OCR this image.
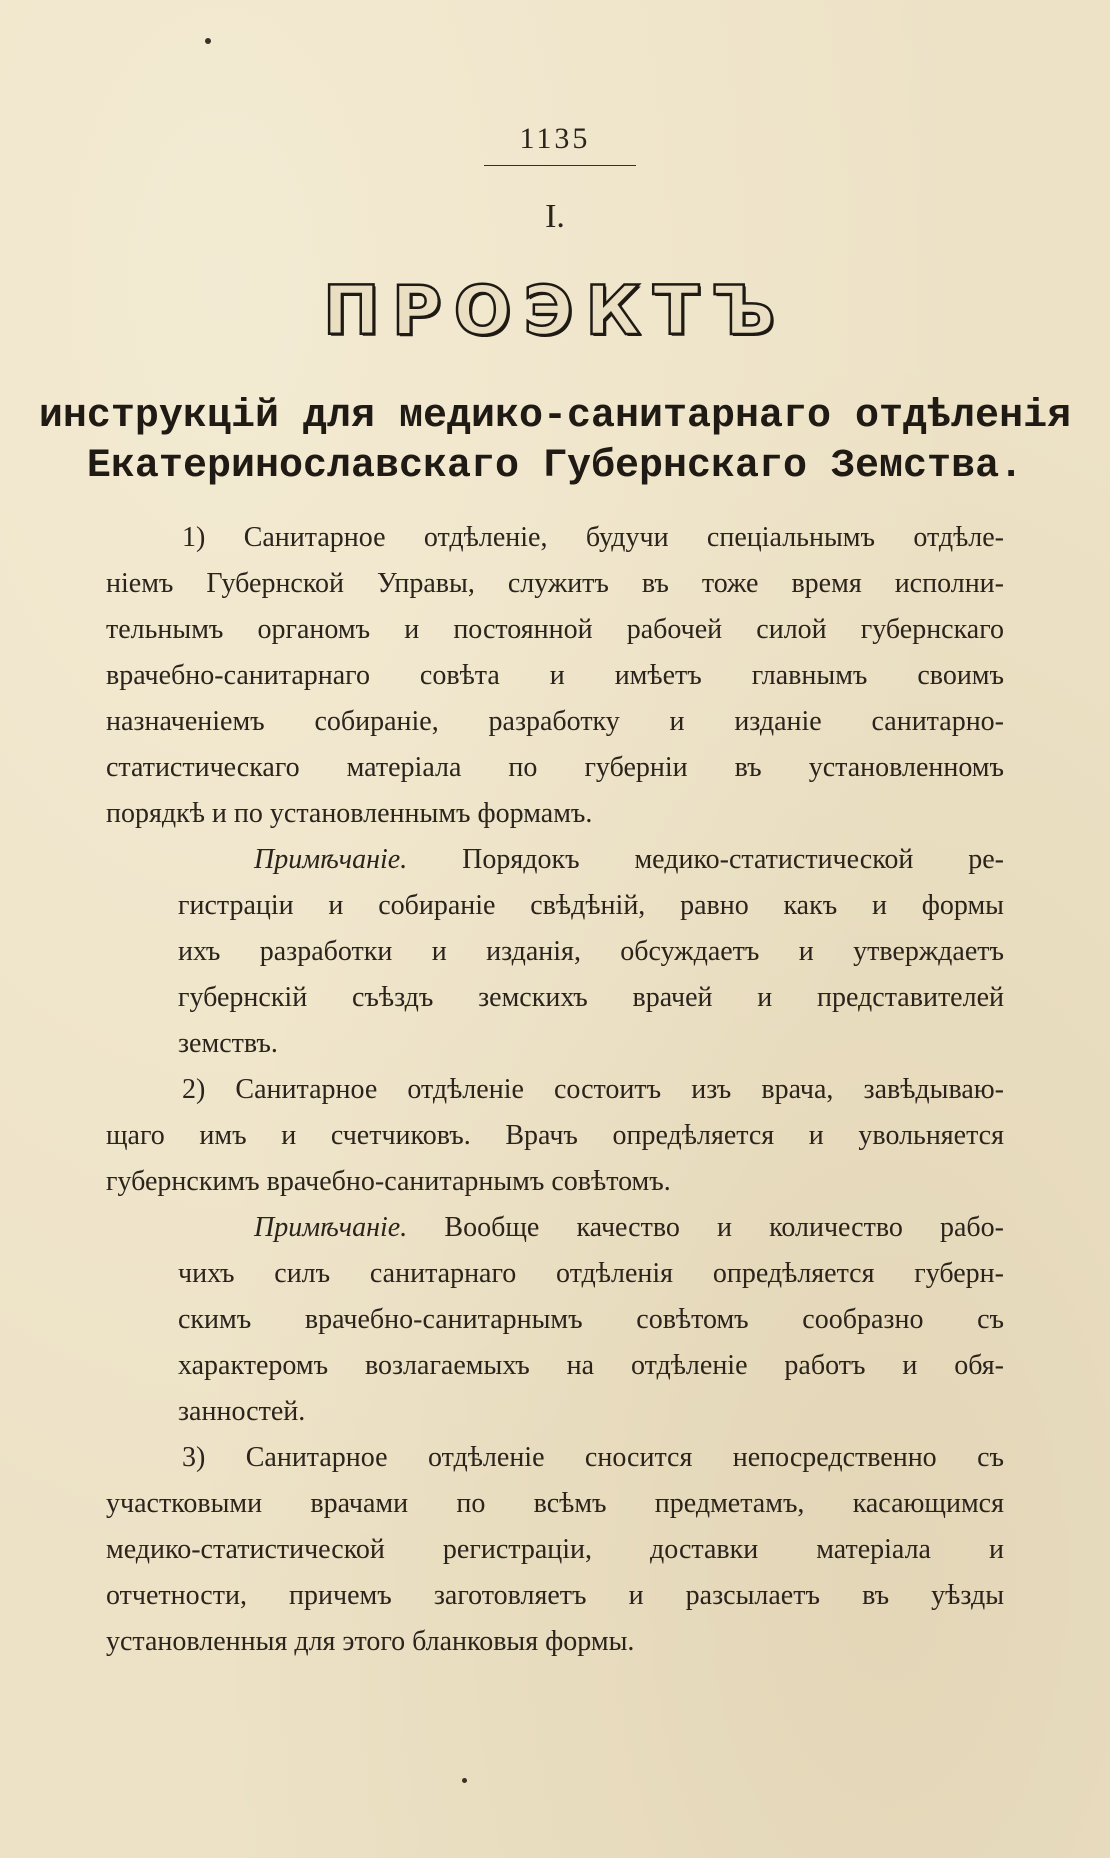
1135
I.
ПРОЭКТЪ
инструкцій для медико-санитарнаго отдѣленія
Екатеринославскаго Губернскаго Земства.
1) Санитарное отдѣленіе, будучи спеціальнымъ отдѣле-
ніемъ Губернской Управы, служитъ въ тоже время исполни-
тельнымъ органомъ и постоянной рабочей силой губернскаго
врачебно-санитарнаго совѣта и имѣетъ главнымъ своимъ
назначеніемъ собираніе, разработку и изданіе санитарно-
статистическаго матеріала по губерніи въ установленномъ
порядкѣ и по установленнымъ формамъ.
Примѣчаніе. Порядокъ медико-статистической ре-
гистраціи и собираніе свѣдѣній, равно какъ и формы
ихъ разработки и изданія, обсуждаетъ и утверждаетъ
губернскій съѣздъ земскихъ врачей и представителей
земствъ.
2) Санитарное отдѣленіе состоитъ изъ врача, завѣдываю-
щаго имъ и счетчиковъ. Врачъ опредѣляется и увольняется
губернскимъ врачебно-санитарнымъ совѣтомъ.
Примѣчаніе. Вообще качество и количество рабо-
чихъ силъ санитарнаго отдѣленія опредѣляется губерн-
скимъ врачебно-санитарнымъ совѣтомъ сообразно съ
характеромъ возлагаемыхъ на отдѣленіе работъ и обя-
занностей.
3) Санитарное отдѣленіе сносится непосредственно съ
участковыми врачами по всѣмъ предметамъ, касающимся
медико-статистической регистраціи, доставки матеріала и
отчетности, причемъ заготовляетъ и разсылаетъ въ уѣзды
установленныя для этого бланковыя формы.
